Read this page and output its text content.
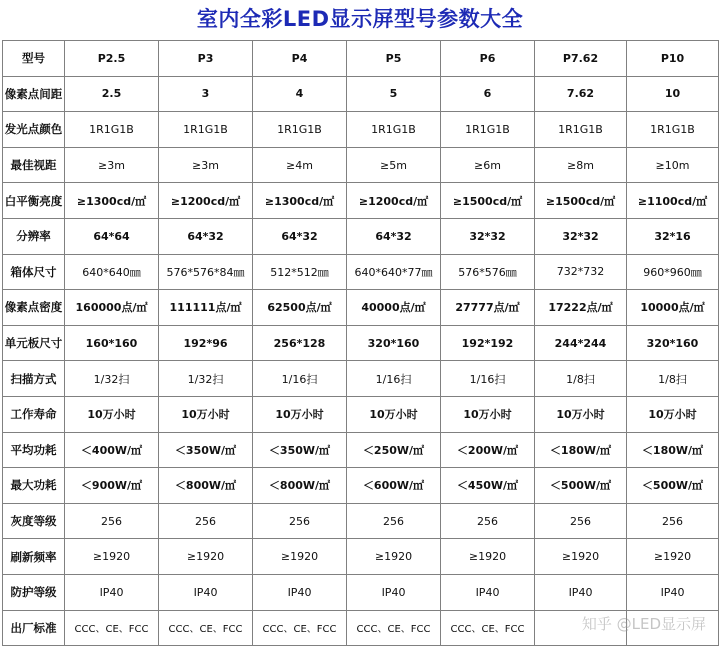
室内全彩LED显示屏型号参数大全
型号	P2.5	P3	P4	P5	P6	P7.62	P10
像素点间距	2.5	3	4	5	6	7.62	10
发光点颜色	1R1G1B	1R1G1B	1R1G1B	1R1G1B	1R1G1B	1R1G1B	1R1G1B
最佳视距	≥3m	≥3m	≥4m	≥5m	≥6m	≥8m	≥10m
白平衡亮度	≥1300cd/㎡	≥1200cd/㎡	≥1300cd/㎡	≥1200cd/㎡	≥1500cd/㎡	≥1500cd/㎡	≥1100cd/㎡
分辨率	64*64	64*32	64*32	64*32	32*32	32*32	32*16
箱体尺寸	640*640㎜	576*576*84㎜	512*512㎜	640*640*77㎜	576*576㎜	732*732	960*960㎜
像素点密度	160000点/㎡	111111点/㎡	62500点/㎡	40000点/㎡	27777点/㎡	17222点/㎡	10000点/㎡
单元板尺寸	160*160	192*96	256*128	320*160	192*192	244*244	320*160
扫描方式	1/32扫	1/32扫	1/16扫	1/16扫	1/16扫	1/8扫	1/8扫
工作寿命	10万小时	10万小时	10万小时	10万小时	10万小时	10万小时	10万小时
平均功耗	＜400W/㎡	＜350W/㎡	＜350W/㎡	＜250W/㎡	＜200W/㎡	＜180W/㎡	＜180W/㎡
最大功耗	＜900W/㎡	＜800W/㎡	＜800W/㎡	＜600W/㎡	＜450W/㎡	＜500W/㎡	＜500W/㎡
灰度等级	256	256	256	256	256	256	256
刷新频率	≥1920	≥1920	≥1920	≥1920	≥1920	≥1920	≥1920
防护等级	IP40	IP40	IP40	IP40	IP40	IP40	IP40
出厂标准	CCC、CE、FCC	CCC、CE、FCC	CCC、CE、FCC	CCC、CE、FCC	CCC、CE、FCC			知乎 @LED显示屏
